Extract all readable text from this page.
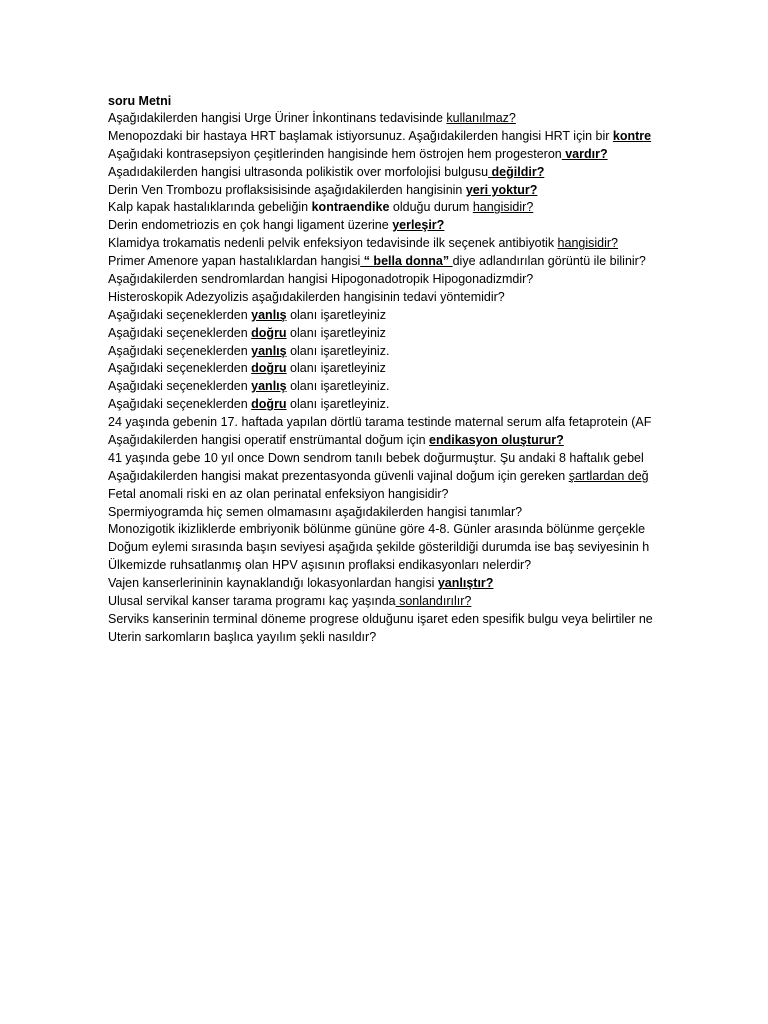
soru Metni
Aşağıdakilerden hangisi Urge Üriner İnkontinans tedavisinde kullanılmaz?
Menopozdaki bir hastaya HRT başlamak istiyorsunuz. Aşağıdakilerden hangisi HRT için bir kontre
Aşağıdaki kontrasepsiyon çeşitlerinden hangisinde hem östrojen hem progesteron vardır?
Aşadıdakilerden hangisi ultrasonda polikistik over morfolojisi bulgusu değildir?
Derin Ven Trombozu proflaksisisinde aşağıdakilerden hangisinin yeri yoktur?
Kalp kapak hastalıklarında gebeliğin kontraendike olduğu durum hangisidir?
Derin endometriozis en çok hangi ligament üzerine yerleşir?
Klamidya trokamatis nedenli pelvik enfeksiyon tedavisinde ilk seçenek antibiyotik hangisidir?
Primer Amenore yapan hastalıklardan hangisi “ bella donna” diye adlandırılan görüntü ile bilinir?
Aşağıdakilerden sendromlardan hangisi Hipogonadotropik Hipogonadizmdir?
Histeroskopik Adezyolizis aşağıdakilerden hangisinin tedavi yöntemidir?
Aşağıdaki seçeneklerden yanlış olanı işaretleyiniz
Aşağıdaki seçeneklerden doğru olanı işaretleyiniz
Aşağıdaki seçeneklerden yanlış olanı işaretleyiniz.
Aşağıdaki seçeneklerden doğru olanı işaretleyiniz
Aşağıdaki seçeneklerden yanlış olanı işaretleyiniz.
Aşağıdaki seçeneklerden doğru olanı işaretleyiniz.
24 yaşında gebenin 17. haftada yapılan dörtlü tarama testinde maternal serum alfa fetaprotein (AF
Aşağıdakilerden hangisi operatif enstrümantal doğum için endikasyon oluşturur?
41 yaşında gebe 10 yıl once Down sendrom tanılı bebek doğurmuştur. Şu andaki 8 haftalık gebel
Aşağıdakilerden hangisi makat prezentasyonda güvenli vajinal doğum için gereken şartlardan değ
Fetal anomali riski en az olan perinatal enfeksiyon hangisidir?
Spermiyogramda hiç semen olmamasını aşağıdakilerden hangisi tanımlar?
Monozigotik ikizliklerde embriyonik bölünme gününe göre 4-8. Günler arasında bölünme gerçekle
Doğum eylemi sırasında başın seviyesi aşağıda şekilde gösterildiği durumda ise baş seviyesinin h
Ülkemizde ruhsatlanmış olan HPV aşısının proflaksi endikasyonları nelerdir?
Vajen kanserlerininin kaynaklandığı lokasyonlardan hangisi yanlıştır?
Ulusal servikal kanser tarama programı kaç yaşında sonlandırılır?
Serviks kanserinin terminal döneme progrese olduğunu işaret eden spesifik bulgu veya belirtiler ne
Uterin sarkomların başlıca yayılım şekli nasıldır?
